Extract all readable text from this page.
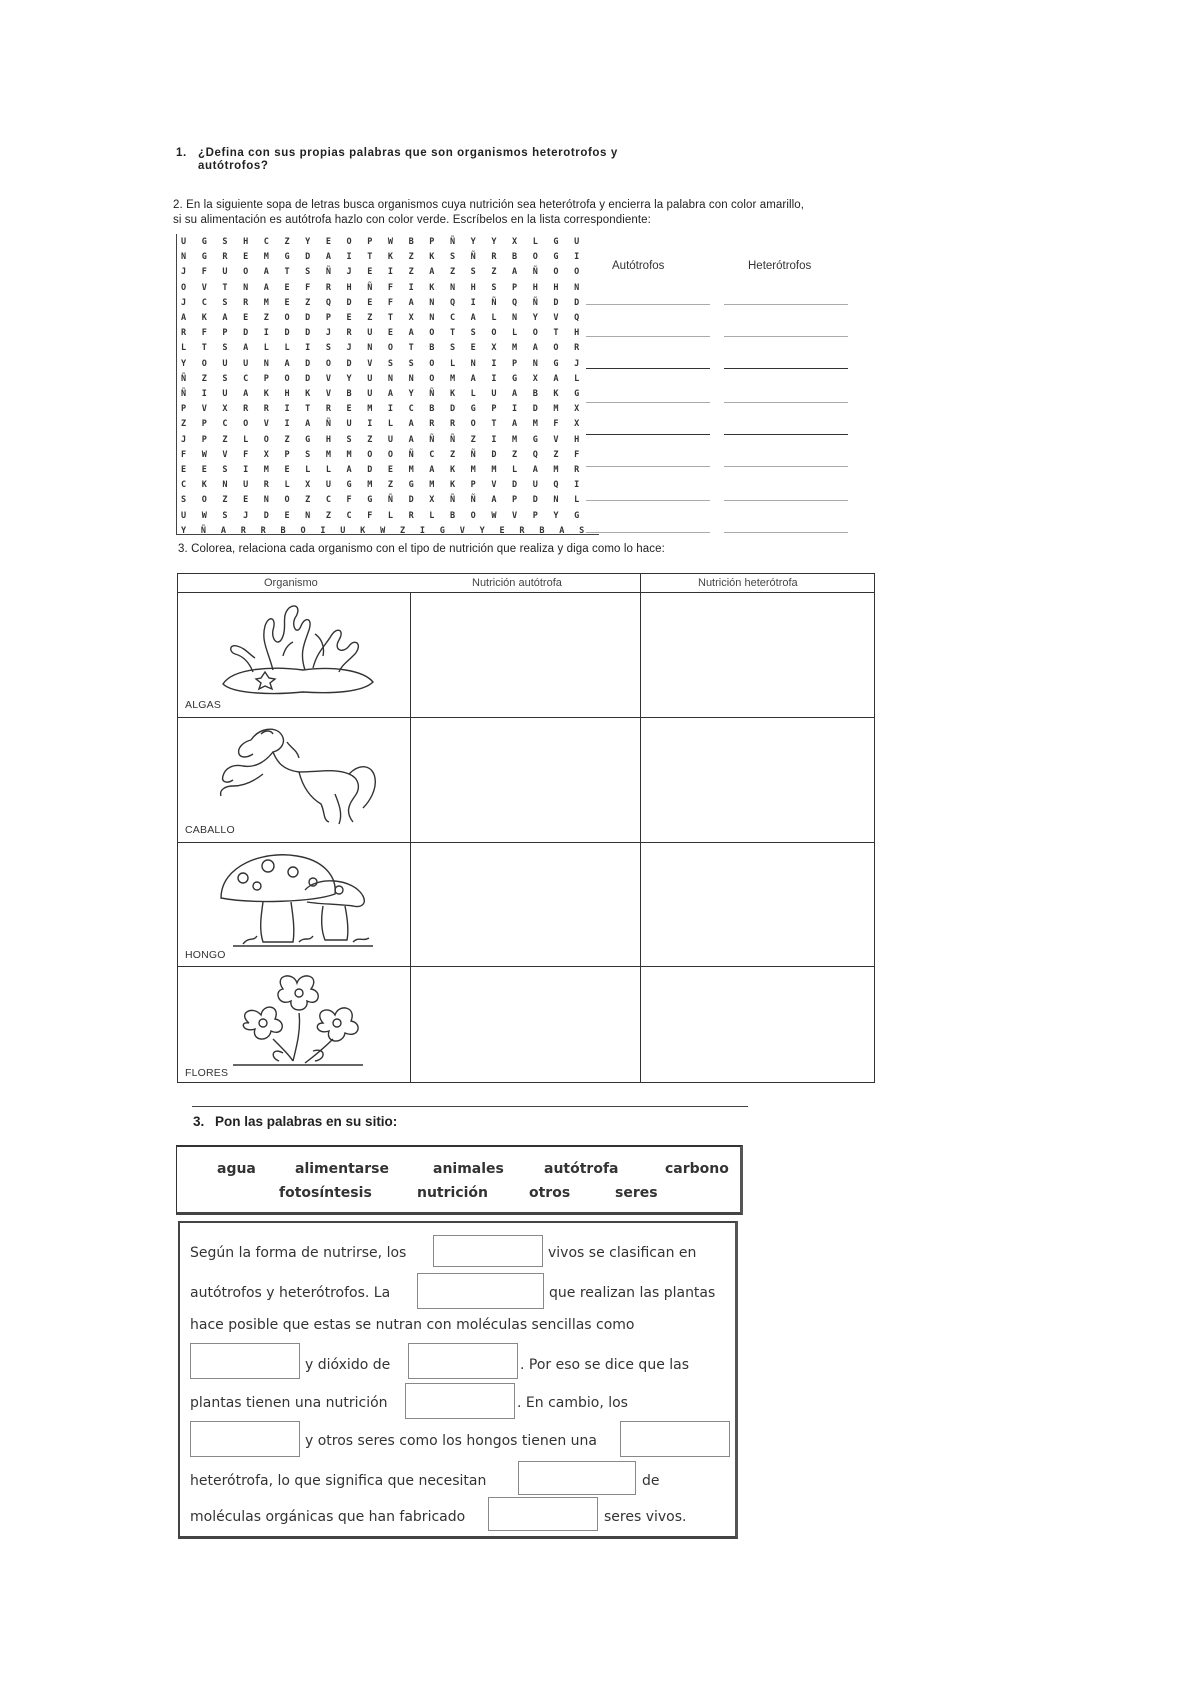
1. ¿Defina con sus propias palabras que son organismos heterotrofos y
autótrofos?
2. En la siguiente sopa de letras busca organismos cuya nutrición sea heterótrofa y encierra la palabra con color amarillo,
si su alimentación es autótrofa hazlo con color verde. Escríbelos en la lista correspondiente:
U	G	S	H	C	Z	Y	E	O	P	W	B	P	Ñ	Y	Y	X	L	G	U
N	G	R	E	M	G	D	A	I	T	K	Z	K	S	Ñ	R	B	O	G	I
J	F	U	O	A	T	S	Ñ	J	E	I	Z	A	Z	S	Z	A	Ñ	O	O
O	V	T	N	A	E	F	R	H	Ñ	F	I	K	N	H	S	P	H	H	N
J	C	S	R	M	E	Z	Q	D	E	F	A	N	Q	I	Ñ	Q	Ñ	D	D
A	K	A	E	Z	O	D	P	E	Z	T	X	N	C	A	L	N	Y	V	Q
R	F	P	D	I	D	D	J	R	U	E	A	O	T	S	O	L	O	T	H
L	T	S	A	L	L	I	S	J	N	O	T	B	S	E	X	M	A	O	R
Y	O	U	U	N	A	D	O	D	V	S	S	O	L	N	I	P	N	G	J
Ñ	Z	S	C	P	O	D	V	Y	U	N	N	O	M	A	I	G	X	A	L
Ñ	I	U	A	K	H	K	V	B	U	A	Y	Ñ	K	L	U	A	B	K	G
P	V	X	R	R	I	T	R	E	M	I	C	B	D	G	P	I	D	M	X
Z	P	C	O	V	I	A	Ñ	U	I	L	A	R	R	O	T	A	M	F	X
J	P	Z	L	O	Z	G	H	S	Z	U	A	Ñ	Ñ	Z	I	M	G	V	H
F	W	V	F	X	P	S	M	M	O	O	Ñ	C	Z	Ñ	D	Z	Q	Z	F
E	E	S	I	M	E	L	L	A	D	E	M	A	K	M	M	L	A	M	R
C	K	N	U	R	L	X	U	G	M	Z	G	M	K	P	V	D	U	Q	I
S	O	Z	E	N	O	Z	C	F	G	Ñ	D	X	Ñ	Ñ	A	P	D	N	L
U	W	S	J	D	E	N	Z	C	F	L	R	L	B	O	W	V	P	Y	G
Y	Ñ	A	R	R	B	O	I	U	K	W	Z	I	G	V	Y	E	R	B	A	S
Autótrofos	Heterótrofos
3. Colorea, relaciona cada organismo con el tipo de nutrición que realiza y diga como lo hace:
Organismo	Nutrición autótrofa	Nutrición heterótrofa
ALGAS
CABALLO
HONGO
FLORES
3. Pon las palabras en su sitio:
agua	alimentarse	animales	autótrofa	carbono
fotosíntesis	nutrición	otros	seres
Según la forma de nutrirse, los	vivos se clasifican en
autótrofos y heterótrofos. La	que realizan las plantas
hace posible que estas se nutran con moléculas sencillas como
y dióxido de	. Por eso se dice que las
plantas tienen una nutrición	. En cambio, los
y otros seres como los hongos tienen una
heterótrofa, lo que significa que necesitan	de
moléculas orgánicas que han fabricado	seres vivos.
